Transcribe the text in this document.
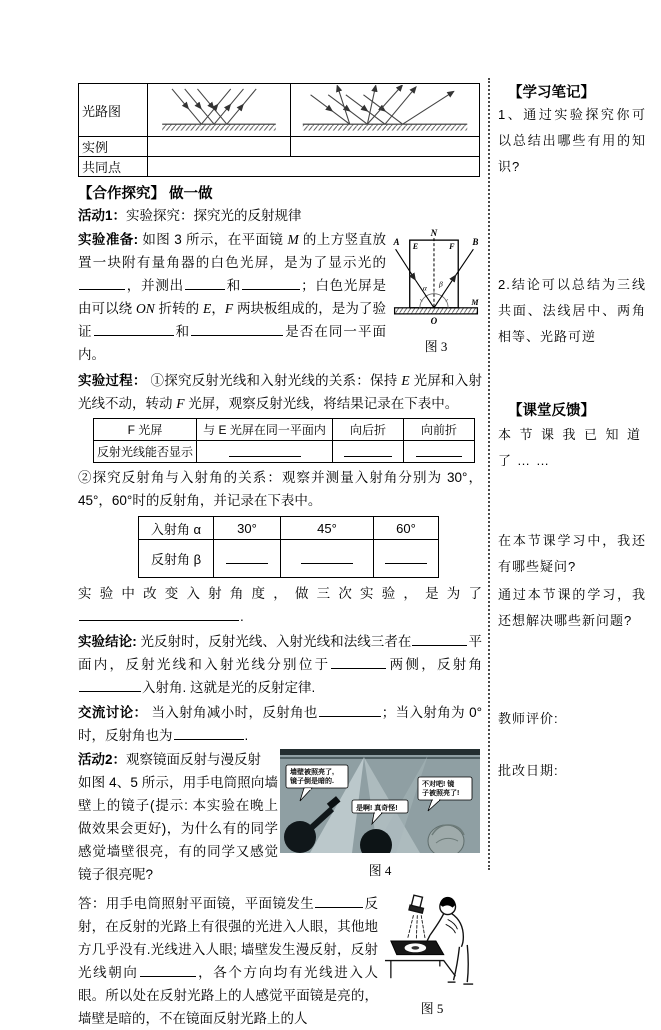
光路图		
实例		
共同点		
【合作探究】 做一做
活动1：实验探究：探究光的反射规律
N
A	B
E	F
M
O
α β
图 3
实验准备: 如图 3 所示，在平面镜 M 的上方竖直放置一块附有量角器的白色光屏，是为了显示光的，并测出	和	；白色光屏是由可以绕 ON 折转的 E，F 两块板组成的，是为了验证	和	是否在同一平面内。
实验过程： ①探究反射光线和入射光线的关系：保持 E 光屏和入射光线不动，转动 F 光屏，观察反射光线，将结果记录在下表中。
F 光屏	与 E 光屏在同一平面内	向后折	向前折
反射光线能否显示			
②探究反射角与入射角的关系：观察并测量入射角分别为 30°，45°，60°时的反射角，并记录在下表中。
入射角 α	30°	45°	60°
反射角 β			
实验中改变入射角度，做三次实验，是为了.
实验结论: 光反射时，反射光线、入射光线和法线三者在	平面内，反射光线和入射光线分别位于	两侧，反射角入射角. 这就是光的反射定律.
交流讨论： 当入射角减小时，反射角也	；当入射角为 0° 时，反射角也为	.
活动2：观察镜面反射与漫反射
如图 4、5 所示，用手电筒照向墙壁上的镜子(提示: 本实验在晚上做效果会更好)，为什么有的同学感觉墙壁很亮，有的同学又感觉镜子很亮呢?
墙壁被照亮了,
镜子倒是暗的.
是啊! 真奇怪!
不对吧! 镜
子被照亮了!
图 4
图 5
答：用手电筒照射平面镜，平面镜发生	反射，在反射的光路上有很强的光进入人眼，其他地方几乎没有.光线进入人眼; 墙壁发生漫反射，反射光线朝向	，各个方向均有光线进入人眼。所以处在反射光路上的人感觉平面镜是亮的，墙壁是暗的，不在镜面反射光路上的人
【学习笔记】
1、通过实验探究你可以总结出哪些有用的知识?
2.结论可以总结为三线共面、法线居中、两角相等、光路可逆
【课堂反馈】
本节课我已知道了……
在本节课学习中，我还有哪些疑问?
通过本节课的学习，我还想解决哪些新问题?
教师评价:
批改日期:
